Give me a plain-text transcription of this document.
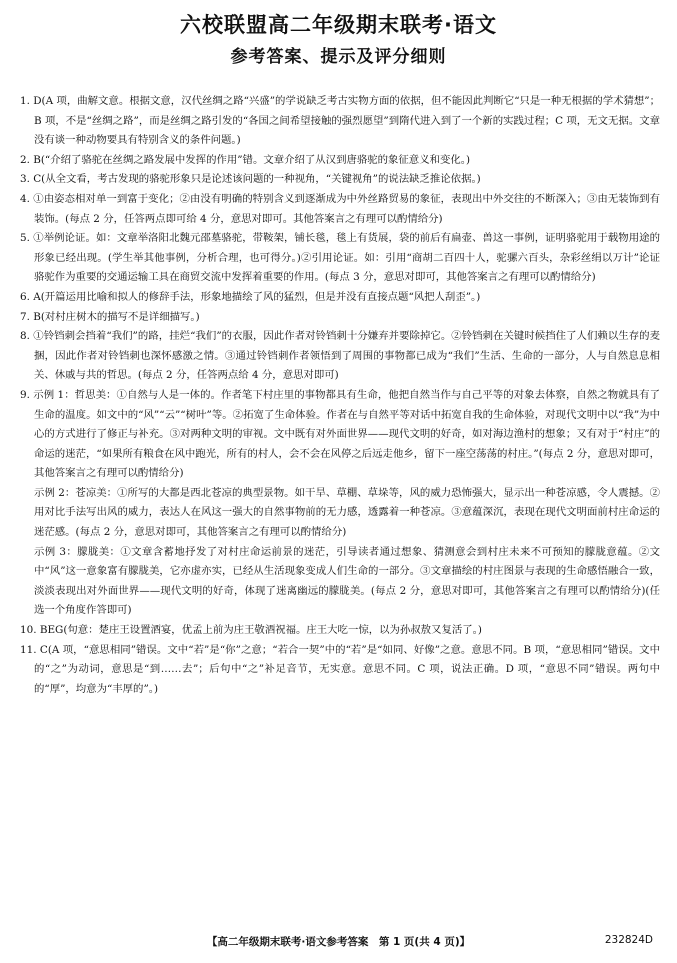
六校联盟高二年级期末联考·语文
参考答案、提示及评分细则

1. D(A 项，曲解文意。根据文意，汉代丝绸之路“兴盛”的学说缺乏考古实物方面的依据，但不能因此判断它“只是一种无根据的学术猜想”；B 项，不是“丝绸之路”，而是丝绸之路引发的“各国之间希望接触的强烈愿望”到隋代进入到了一个新的实践过程；C 项，无文无据。文章没有谈一种动物要具有特别含义的条件问题。)

2. B(“介绍了骆驼在丝绸之路发展中发挥的作用”错。文章介绍了从汉到唐骆驼的象征意义和变化。)

3. C(从全文看，考古发现的骆驼形象只是论述该问题的一种视角，“关键视角”的说法缺乏推论依据。)

4. ①由姿态相对单一到富于变化；②由没有明确的特别含义到逐渐成为中外丝路贸易的象征，表现出中外交往的不断深入；③由无装饰到有装饰。(每点 2 分，任答两点即可给 4 分，意思对即可。其他答案言之有理可以酌情给分)

5. ①举例论证。如：文章举洛阳北魏元邵墓骆驼，带鞍架，铺长毯，毯上有货展，袋的前后有扁壶、兽这一事例，证明骆驼用于载物用途的形象已经出现。(学生举其他事例，分析合理，也可得分。)②引用论证。如：引用“商胡二百四十人，驼骡六百头，杂彩丝绢以万计”论证骆驼作为重要的交通运输工具在商贸交流中发挥着重要的作用。(每点 3 分，意思对即可，其他答案言之有理可以酌情给分)

6. A(开篇运用比喻和拟人的修辞手法，形象地描绘了风的猛烈，但是并没有直接点题“风把人刮歪”。)

7. B(对村庄树木的描写不是详细描写。)

8. ①铃铛刺会挡着“我们”的路，挂烂“我们”的衣服，因此作者对铃铛刺十分嫌弃并要除掉它。②铃铛刺在关键时候挡住了人们赖以生存的麦捆，因此作者对铃铛刺也深怀感激之情。③通过铃铛刺作者领悟到了周围的事物都已成为“我们”生活、生命的一部分，人与自然息息相关、休戚与共的哲思。(每点 2 分，任答两点给 4 分，意思对即可)

9. 示例 1：哲思美：①自然与人是一体的。作者笔下村庄里的事物都具有生命，他把自然当作与自己平等的对象去体察，自然之物就具有了生命的温度。如文中的“风”“云”“树叶”等。②拓宽了生命体验。作者在与自然平等对话中拓宽自我的生命体验，对现代文明中以“我”为中心的方式进行了修正与补充。③对两种文明的审视。文中既有对外面世界——现代文明的好奇，如对海边渔村的想象；又有对于“村庄”的命运的迷茫，“如果所有粮食在风中跑光，所有的村人，会不会在风停之后远走他乡，留下一座空荡荡的村庄。”(每点 2 分，意思对即可，其他答案言之有理可以酌情给分)

示例 2：苍凉美：①所写的大都是西北苍凉的典型景物。如干旱、草棚、草垛等，风的威力恐怖强大，显示出一种苍凉感，令人震撼。②用对比手法写出风的威力，表达人在风这一强大的自然事物前的无力感，透露着一种苍凉。③意蕴深沉，表现在现代文明面前村庄命运的迷茫感。(每点 2 分，意思对即可，其他答案言之有理可以酌情给分)

示例 3：朦胧美：①文章含蓄地抒发了对村庄命运前景的迷茫，引导读者通过想象、猜测意会到村庄未来不可预知的朦胧意蕴。②文中“风”这一意象富有朦胧美，它亦虚亦实，已经从生活现象变成人们生命的一部分。③文章描绘的村庄图景与表现的生命感悟融合一致，淡淡表现出对外面世界——现代文明的好奇，体现了迷离幽远的朦胧美。(每点 2 分，意思对即可，其他答案言之有理可以酌情给分)(任选一个角度作答即可)

10. BEG(句意：楚庄王设置酒宴，优孟上前为庄王敬酒祝福。庄王大吃一惊，以为孙叔敖又复活了。)

11. C(A 项，“意思相同”错误。文中“若”是“你”之意；“若合一契”中的“若”是“如同、好像”之意。意思不同。B 项，“意思相同”错误。文中的“之”为动词，意思是“到……去”；后句中“之”补足音节，无实意。意思不同。C 项，说法正确。D 项，“意思不同”错误。两句中的“厚”，均意为“丰厚的”。)

【高二年级期末联考·语文参考答案　第 1 页(共 4 页)】	232824D
